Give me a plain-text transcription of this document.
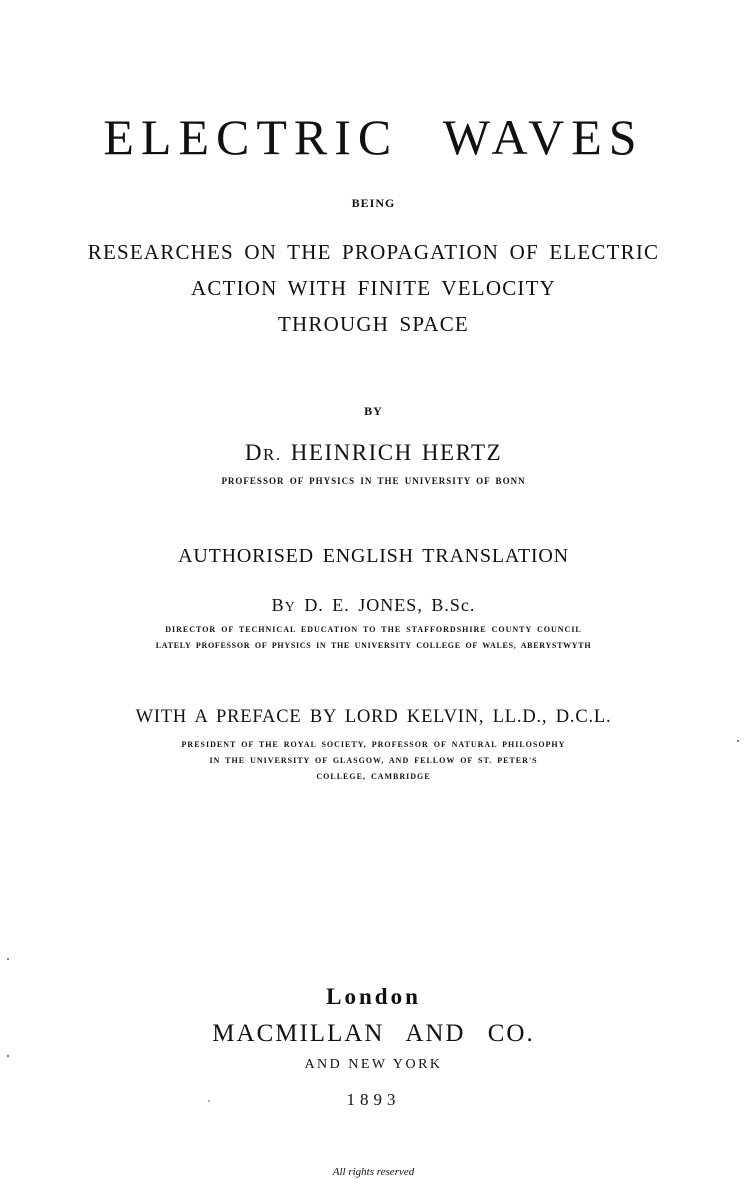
ELECTRIC WAVES
BEING
RESEARCHES ON THE PROPAGATION OF ELECTRIC
ACTION WITH FINITE VELOCITY
THROUGH SPACE
BY
DR. HEINRICH HERTZ
PROFESSOR OF PHYSICS IN THE UNIVERSITY OF BONN
AUTHORISED ENGLISH TRANSLATION
BY D. E. JONES, B.Sc.
DIRECTOR OF TECHNICAL EDUCATION TO THE STAFFORDSHIRE COUNTY COUNCIL
LATELY PROFESSOR OF PHYSICS IN THE UNIVERSITY COLLEGE OF WALES, ABERYSTWYTH
WITH A PREFACE BY LORD KELVIN, LL.D., D.C.L.
PRESIDENT OF THE ROYAL SOCIETY, PROFESSOR OF NATURAL PHILOSOPHY
IN THE UNIVERSITY OF GLASGOW, AND FELLOW OF ST. PETER'S
COLLEGE, CAMBRIDGE
London
MACMILLAN AND CO.
AND NEW YORK
1893
All rights reserved
